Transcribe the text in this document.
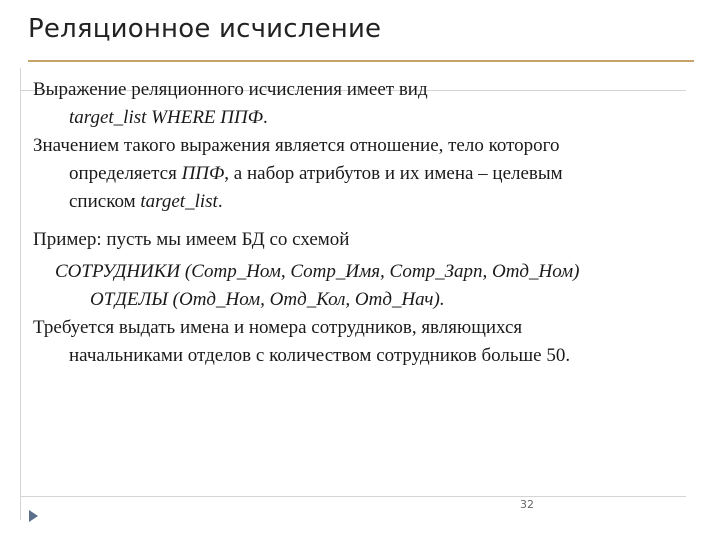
Реляционное исчисление
Выражение реляционного исчисления имеет вид
target_list WHERE ППФ.
Значением такого выражения является отношение, тело которого
определяется ППФ, а набор атрибутов и их имена – целевым
списком target_list.
Пример: пусть мы имеем БД со схемой
СОТРУДНИКИ (Сотр_Ном, Сотр_Имя, Сотр_Зарп, Отд_Ном)
ОТДЕЛЫ (Отд_Ном, Отд_Кол, Отд_Нач).
Требуется выдать имена и номера сотрудников, являющихся
начальниками отделов с количеством сотрудников больше 50.
32
